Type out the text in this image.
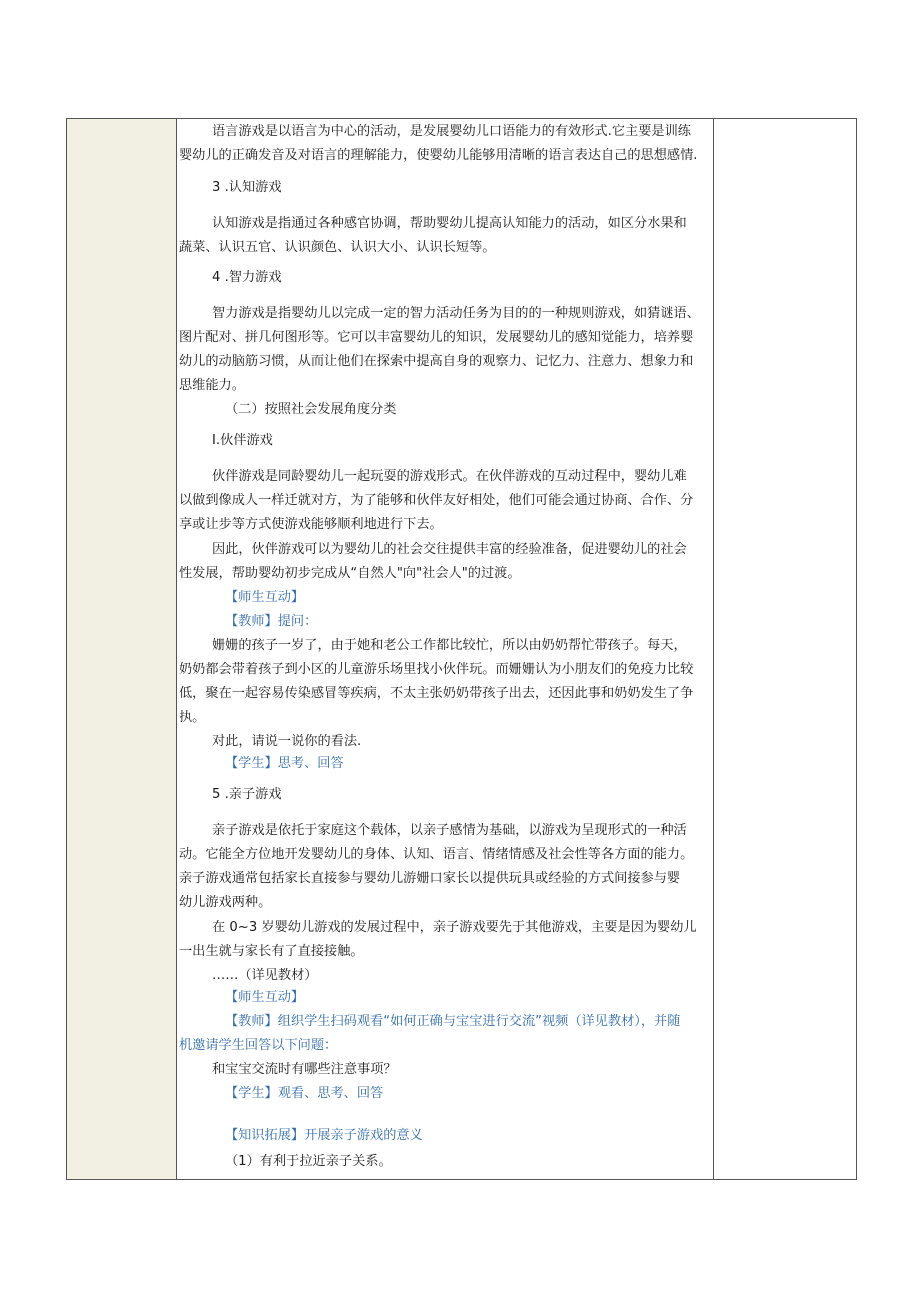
语言游戏是以语言为中心的活动，是发展婴幼儿口语能力的有效形式.它主要是训练
婴幼儿的正确发音及对语言的理解能力，使婴幼儿能够用清晰的语言表达自己的思想感情.
3 .认知游戏
认知游戏是指通过各种感官协调，帮助婴幼儿提高认知能力的活动，如区分水果和
蔬菜、认识五官、认识颜色、认识大小、认识长短等。
4 .智力游戏
智力游戏是指婴幼儿以完成一定的智力活动任务为目的的一种规则游戏，如猜谜语、
图片配对、拼几何图形等。它可以丰富婴幼儿的知识，发展婴幼儿的感知觉能力，培养婴
幼儿的动脑筋习惯，从而让他们在探索中提高自身的观察力、记忆力、注意力、想象力和
思维能力。
（二）按照社会发展角度分类
I.伙伴游戏
伙伴游戏是同龄婴幼儿一起玩耍的游戏形式。在伙伴游戏的互动过程中，婴幼儿难
以做到像成人一样迁就对方，为了能够和伙伴友好相处，他们可能会通过协商、合作、分
享或让步等方式使游戏能够顺利地进行下去。
因此，伙伴游戏可以为婴幼儿的社会交往提供丰富的经验准备，促进婴幼儿的社会
性发展，帮助婴幼初步完成从“自然人"向"社会人"的过渡。
【师生互动】
【教师】提问：
姗姗的孩子一岁了，由于她和老公工作都比较忙，所以由奶奶帮忙带孩子。每天，
奶奶都会带着孩子到小区的儿童游乐场里找小伙伴玩。而姗姗认为小朋友们的免疫力比较
低，聚在一起容易传染感冒等疾病，不太主张奶奶带孩子出去，还因此事和奶奶发生了争
执。
对此，请说一说你的看法.
【学生】思考、回答
5 .亲子游戏
亲子游戏是依托于家庭这个载体，以亲子感情为基础，以游戏为呈现形式的一种活
动。它能全方位地开发婴幼儿的身体、认知、语言、情绪情感及社会性等各方面的能力。
亲子游戏通常包括家长直接参与婴幼儿游姗口家长以提供玩具或经验的方式间接参与婴
幼儿游戏两种。
在 0~3 岁婴幼儿游戏的发展过程中，亲子游戏要先于其他游戏，主要是因为婴幼儿
一出生就与家长有了直接接触。
……（详见教材）
【师生互动】
【教师】组织学生扫码观看“如何正确与宝宝进行交流”视频（详见教材），并随
机邀请学生回答以下问题：
和宝宝交流时有哪些注意事项？
【学生】观看、思考、回答
【知识拓展】开展亲子游戏的意义
（1）有利于拉近亲子关系。
